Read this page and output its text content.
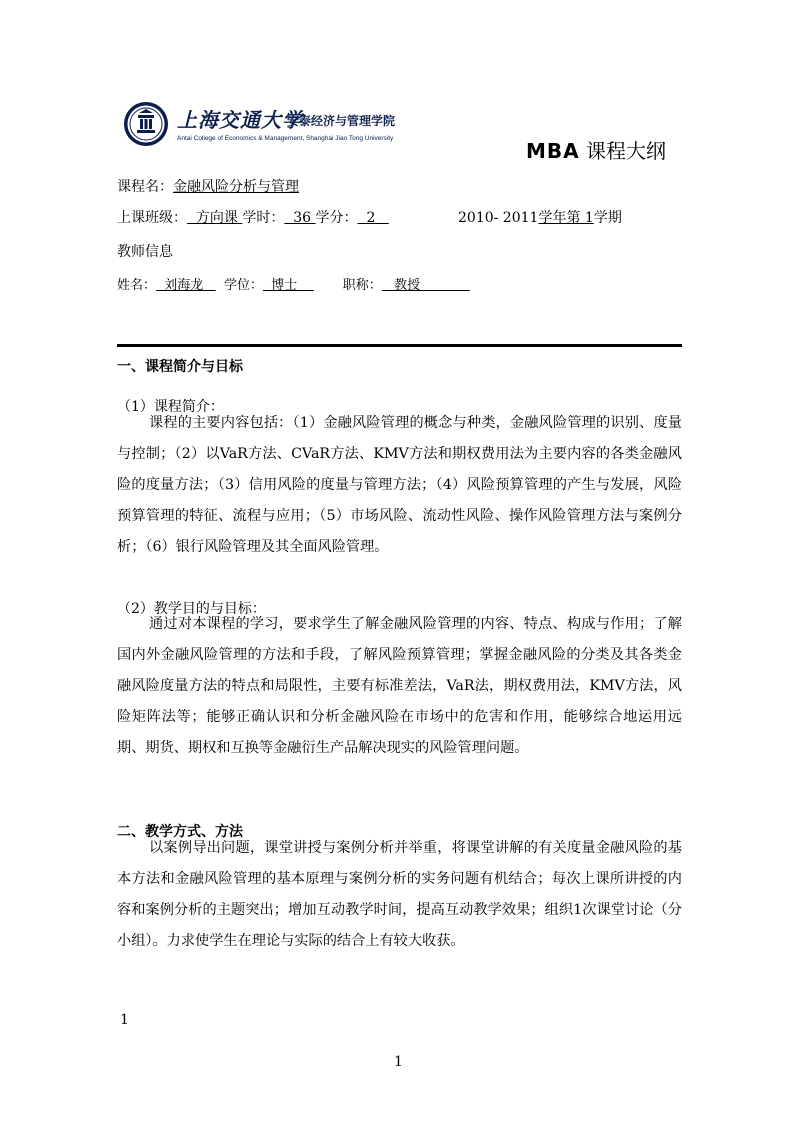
上海交通大学
安泰经济与管理学院
Antai College of Economics & Management, Shanghai Jiao Tong University
MBA 课程大纲
课程名：金融风险分析与管理
上课班级： 方向课 学时： 36 学分： 2	2010- 2011学年第 1学期
教师信息
姓名： 刘海龙 学位： 博士	职称： 教授
一、课程简介与目标
（1）课程简介：
课程的主要内容包括：（1）金融风险管理的概念与种类，金融风险管理的识别、度量与控制；（2）以VaR方法、CVaR方法、KMV方法和期权费用法为主要内容的各类金融风险的度量方法；（3）信用风险的度量与管理方法；（4）风险预算管理的产生与发展，风险预算管理的特征、流程与应用；（5）市场风险、流动性风险、操作风险管理方法与案例分析；（6）银行风险管理及其全面风险管理。
（2）教学目的与目标：
通过对本课程的学习，要求学生了解金融风险管理的内容、特点、构成与作用；了解国内外金融风险管理的方法和手段，了解风险预算管理；掌握金融风险的分类及其各类金融风险度量方法的特点和局限性，主要有标准差法，VaR法，期权费用法，KMV方法，风险矩阵法等；能够正确认识和分析金融风险在市场中的危害和作用，能够综合地运用远期、期货、期权和互换等金融衍生产品解决现实的风险管理问题。
二、教学方式、方法
以案例导出问题，课堂讲授与案例分析并举重，将课堂讲解的有关度量金融风险的基本方法和金融风险管理的基本原理与案例分析的实务问题有机结合；每次上课所讲授的内容和案例分析的主题突出；增加互动教学时间，提高互动教学效果；组织1次课堂讨论（分小组）。力求使学生在理论与实际的结合上有较大收获。
1
1
